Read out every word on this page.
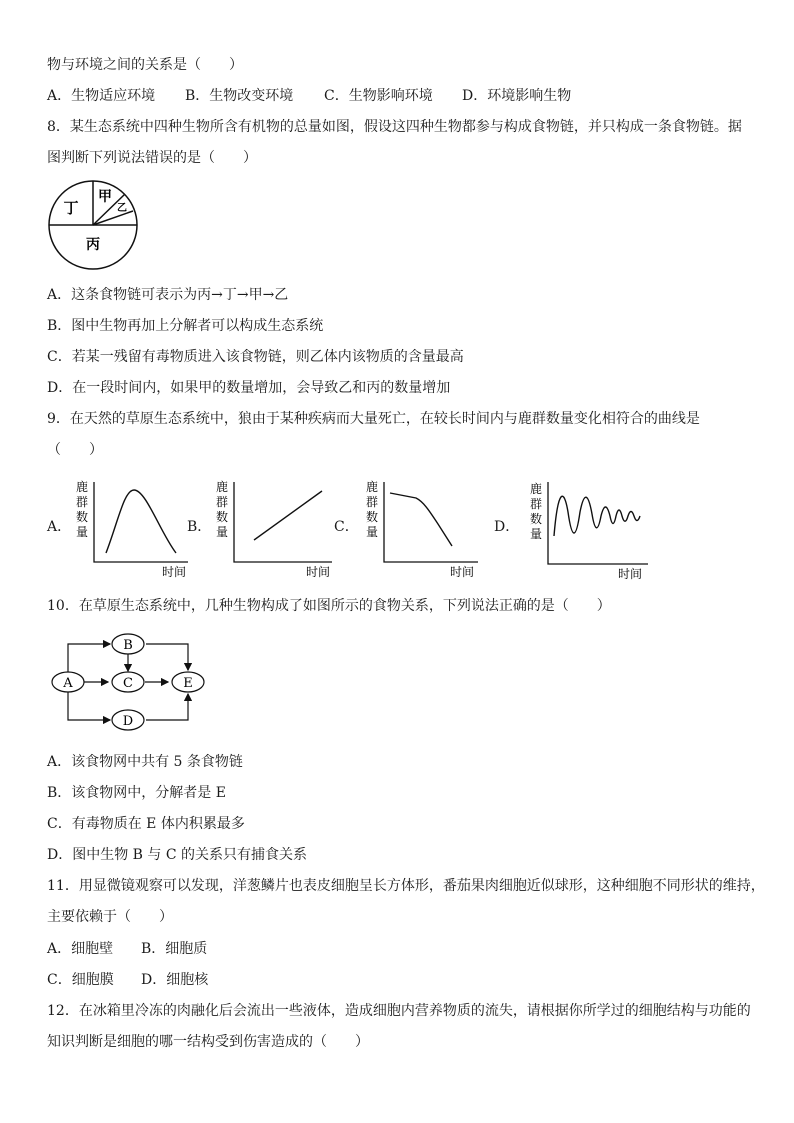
物与环境之间的关系是（　　）
A．生物适应环境 B．生物改变环境 C．生物影响环境 D．环境影响生物
8．某生态系统中四种生物所含有机物的总量如图，假设这四种生物都参与构成食物链，并只构成一条食物链。据
图判断下列说法错误的是（　　）
丁
甲
乙
丙
A．这条食物链可表示为丙→丁→甲→乙
B．图中生物再加上分解者可以构成生态系统
C．若某一残留有毒物质进入该食物链，则乙体内该物质的含量最高
D．在一段时间内，如果甲的数量增加，会导致乙和丙的数量增加
9．在天然的草原生态系统中，狼由于某种疾病而大量死亡，在较长时间内与鹿群数量变化相符合的曲线是
（　　）
A．	B．	C．	D．
鹿
群
数
量
时间
鹿
群
数
量
时间
鹿
群
数
量
时间
鹿
群
数
量
时间
10．在草原生态系统中，几种生物构成了如图所示的食物关系，下列说法正确的是（　　）
A
B
C
D
E
A．该食物网中共有 5 条食物链
B．该食物网中，分解者是 E
C．有毒物质在 E 体内积累最多
D．图中生物 B 与 C 的关系只有捕食关系
11．用显微镜观察可以发现，洋葱鳞片也表皮细胞呈长方体形，番茄果肉细胞近似球形，这种细胞不同形状的维持，
主要依赖于（　　）
A．细胞壁 B．细胞质
C．细胞膜 D．细胞核
12．在冰箱里冷冻的肉融化后会流出一些液体，造成细胞内营养物质的流失，请根据你所学过的细胞结构与功能的
知识判断是细胞的哪一结构受到伤害造成的（　　）
